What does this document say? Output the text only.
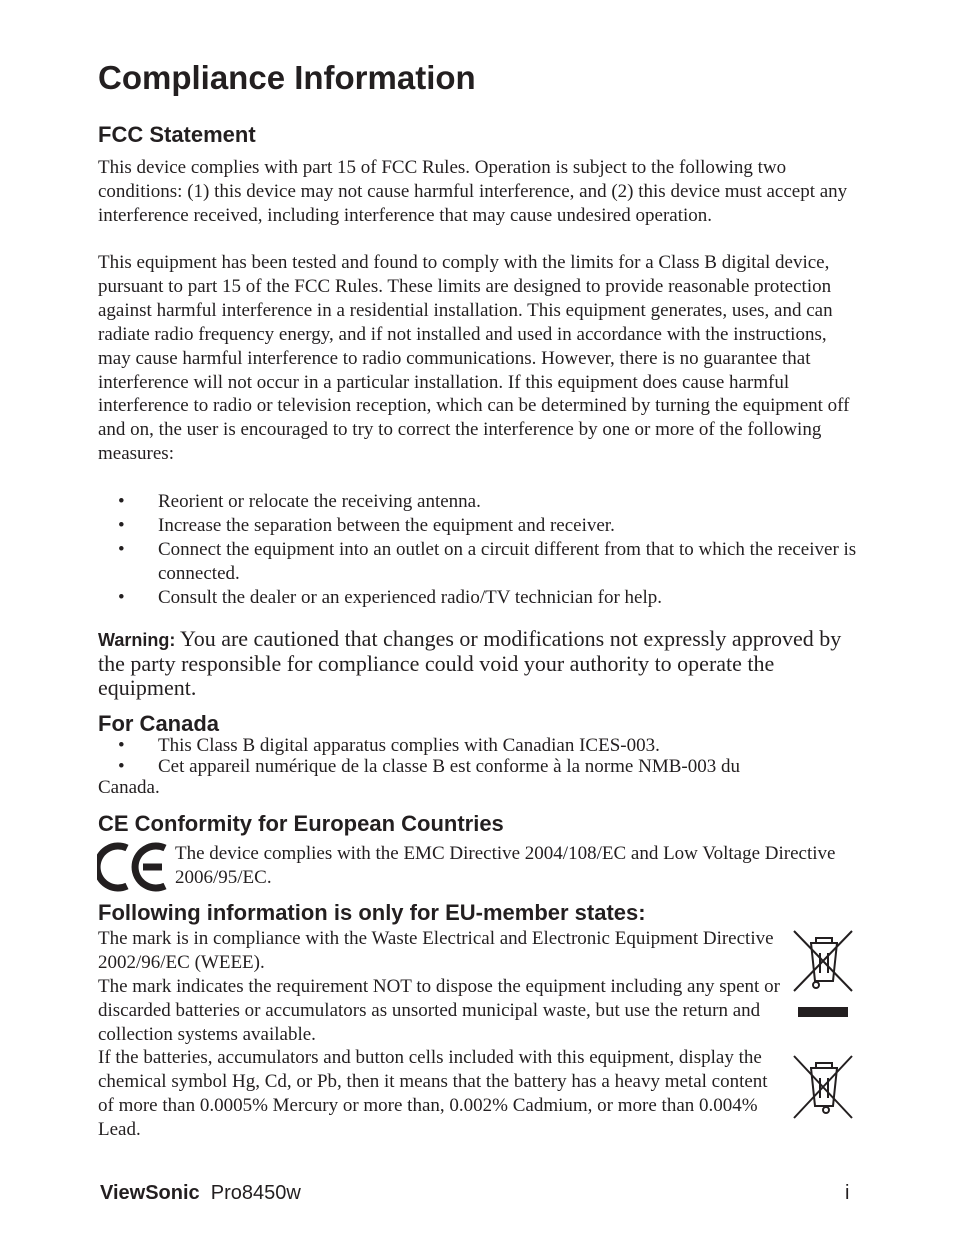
Compliance Information
FCC Statement

This device complies with part 15 of FCC Rules. Operation is subject to the following two conditions: (1) this device may not cause harmful interference, and (2) this device must accept any interference received, including interference that may cause undesired operation.

This equipment has been tested and found to comply with the limits for a Class B digital device, pursuant to part 15 of the FCC Rules. These limits are designed to provide reasonable protection against harmful interference in a residential installation. This equipment generates, uses, and can radiate radio frequency energy, and if not installed and used in accordance with the instructions, may cause harmful interference to radio communications. However, there is no guarantee that interference will not occur in a particular installation. If this equipment does cause harmful interference to radio or television reception, which can be determined by turning the equipment off and on, the user is encouraged to try to correct the interference by one or more of the following measures:

• Reorient or relocate the receiving antenna.
• Increase the separation between the equipment and receiver.
• Connect the equipment into an outlet on a circuit different from that to which the receiver is connected.
• Consult the dealer or an experienced radio/TV technician for help.

Warning: You are cautioned that changes or modifications not expressly approved by the party responsible for compliance could void your authority to operate the equipment.

For Canada
• This Class B digital apparatus complies with Canadian ICES-003.
• Cet appareil numérique de la classe B est conforme à la norme NMB-003 du
Canada.
CE Conformity for European Countries

The device complies with the EMC Directive 2004/108/EC and Low Voltage Directive 2006/95/EC.

Following information is only for EU-member states:

The mark is in compliance with the Waste Electrical and Electronic Equipment Directive 2002/96/EC (WEEE).

The mark indicates the requirement NOT to dispose the equipment including any spent or discarded batteries or accumulators as unsorted municipal waste, but use the return and collection systems available.

If the batteries, accumulators and button cells included with this equipment, display the chemical symbol Hg, Cd, or Pb, then it means that the battery has a heavy metal content of more than 0.0005% Mercury or more than, 0.002% Cadmium, or more than 0.004% Lead.

ViewSonic Pro8450w	i
